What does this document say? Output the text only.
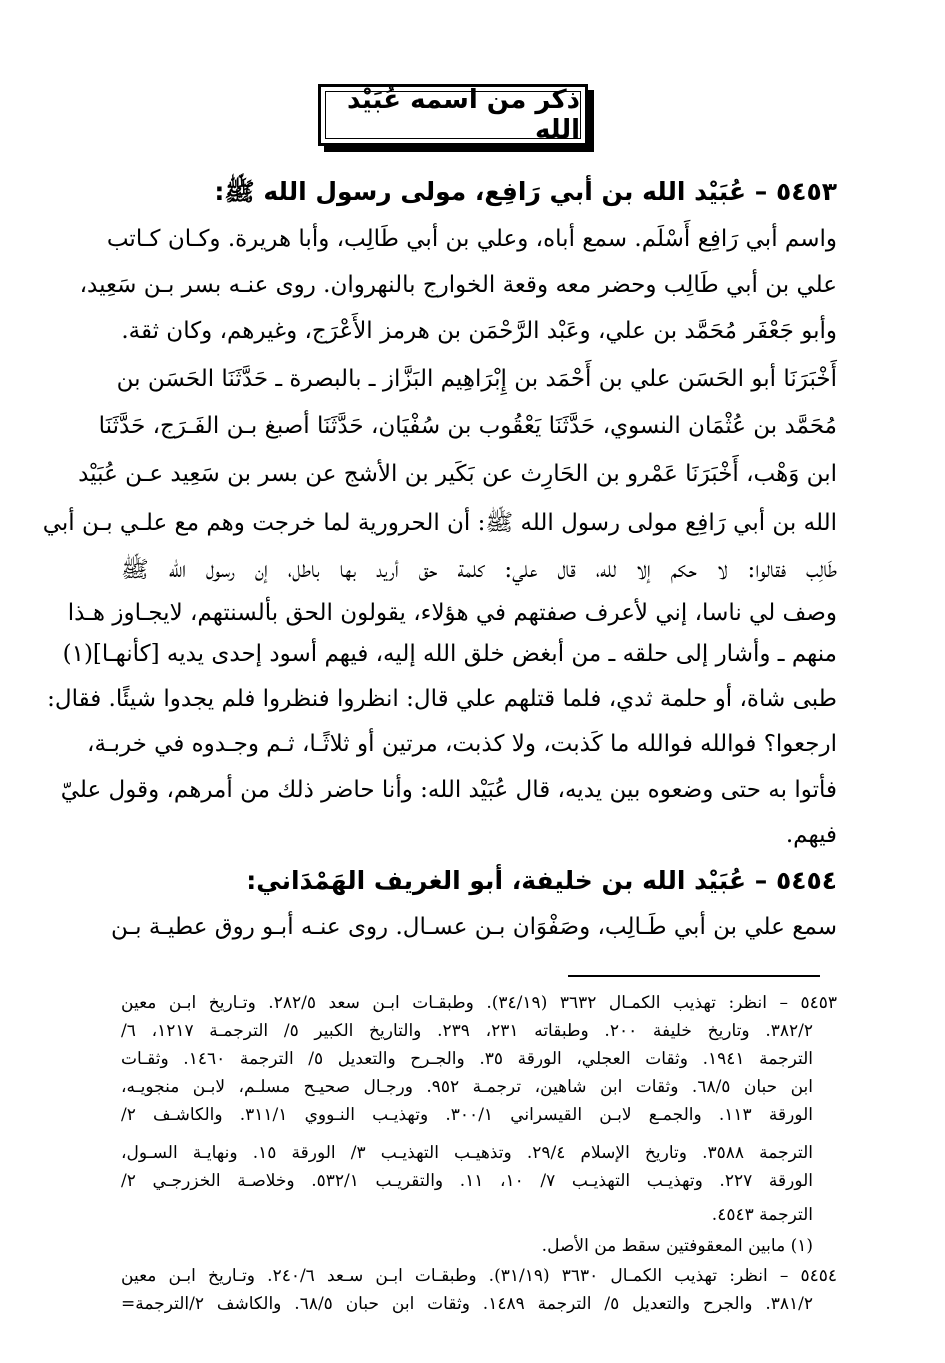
ذكر من اسمه عُبَيْد الله
٥٤٥٣ – عُبَيْد الله بن أبي رَافِع، مولى رسول الله ﷺ:
واسم أبي رَافِع أَسْلَم. سمع أباه، وعلي بن أبي طَالِب، وأبا هريرة. وكـان كـاتب
علي بن أبي طَالِب وحضر معه وقعة الخوارج بالنهروان. روى عنـه بسر بـن سَعِيد،
وأبو جَعْفَر مُحَمَّد بن علي، وعَبْد الرَّحْمَن بن هرمز الأَعْرَج، وغيرهم، وكان ثقة.
أَخْبَرَنَا أبو الحَسَن علي بن أَحْمَد بن إِبْرَاهِيم البَزَّاز ـ بالبصرة ـ حَدَّثَنَا الحَسَن بن
مُحَمَّد بن عُثْمَان النسوي، حَدَّثَنَا يَعْقُوب بن سُفْيَان، حَدَّثَنَا أصبغ بـن الفَـرَج، حَدَّثَنَا
ابن وَهْب، أَخْبَرَنَا عَمْرو بن الحَارِث عن بَكَير بن الأشج عن بسر بن سَعِيد عـن عُبَيْد
الله بن أبي رَافِع مولى رسول الله ﷺ: أن الحرورية لما خرجت وهم مع علـي بـن أبي
طَالِب فقالوا: لا حكم إلا لله، قال علي: كلمة حق أريد بها باطل، إن رسول الله ﷺ
وصف لي ناسا، إني لأعرف صفتهم في هؤلاء، يقولون الحق بألسنتهم، لايجـاوز هـذا
منهم ـ وأشار إلى حلقه ـ من أبغض خلق الله إليه، فيهم أسود إحدى يديه [كأنهـا](١)
طبى شاة، أو حلمة ثدي، فلما قتلهم علي قال: انظروا فنظروا فلم يجدوا شيئًا. فقال:
ارجعوا؟ فوالله فوالله ما كَذبت، ولا كذبت، مرتين أو ثلاثًـا، ثـم وجـدوه في خربـة،
فأتوا به حتى وضعوه بين يديه، قال عُبَيْد الله: وأنا حاضر ذلك من أمرهم، وقول عليّ
فيهم.
٥٤٥٤ – عُبَيْد الله بن خليفة، أبو الغريف الهَمْدَاني:
سمع علي بن أبي طَـالِب، وصَفْوَان بـن عسـال. روى عنـه أبـو روق عطيـة بـن
٥٤٥٣ – انظر: تهذيب الكمـال ٣٦٣٢ (٣٤/١٩). وطبقـات ابـن سعد ٢٨٢/٥. وتـاريخ ابـن معين
٣٨٢/٢. وتاريخ خليفة ٢٠٠. وطبقاته ٢٣١، ٢٣٩. والتاريخ الكبير ٥/ الترجمـة ١٢١٧، ٦/
الترجمة ١٩٤١. وثقات العجلي، الورقة ٣٥. والجـرح والتعديل ٥/ الترجمة ١٤٦٠. وثقـات
ابن حبان ٦٨/٥. وثقات ابن شاهين، ترجمـة ٩٥٢. ورجـال صحيـح مسلـم، لابـن منجويـه،
الورقة ١١٣. والجمـع لابـن القيسراني ٣٠٠/١. وتهذيـب النـووي ٣١١/١. والكاشـف ٢/
الترجمة ٣٥٨٨. وتاريخ الإسلام ٢٩/٤. وتذهيـب التهذيـب ٣/ الورقة ١٥. ونهايـة السـول،
الورقة ٢٢٧. وتهذيـب التهذيـب ٧/ ١٠، ١١. والتقريـب ٥٣٢/١. وخلاصـة الخزرجـي ٢/
الترجمة ٤٥٤٣.
(١) مابين المعقوفتين سقط من الأصل.
٥٤٥٤ – انظر: تهذيب الكمـال ٣٦٣٠ (٣١/١٩). وطبقـات ابـن سـعد ٢٤٠/٦. وتـاريخ ابـن معين
٣٨١/٢. والجرح والتعديل ٥/ الترجمة ١٤٨٩. وثقات ابن حبان ٦٨/٥. والكاشف ٢/الترجمة=
